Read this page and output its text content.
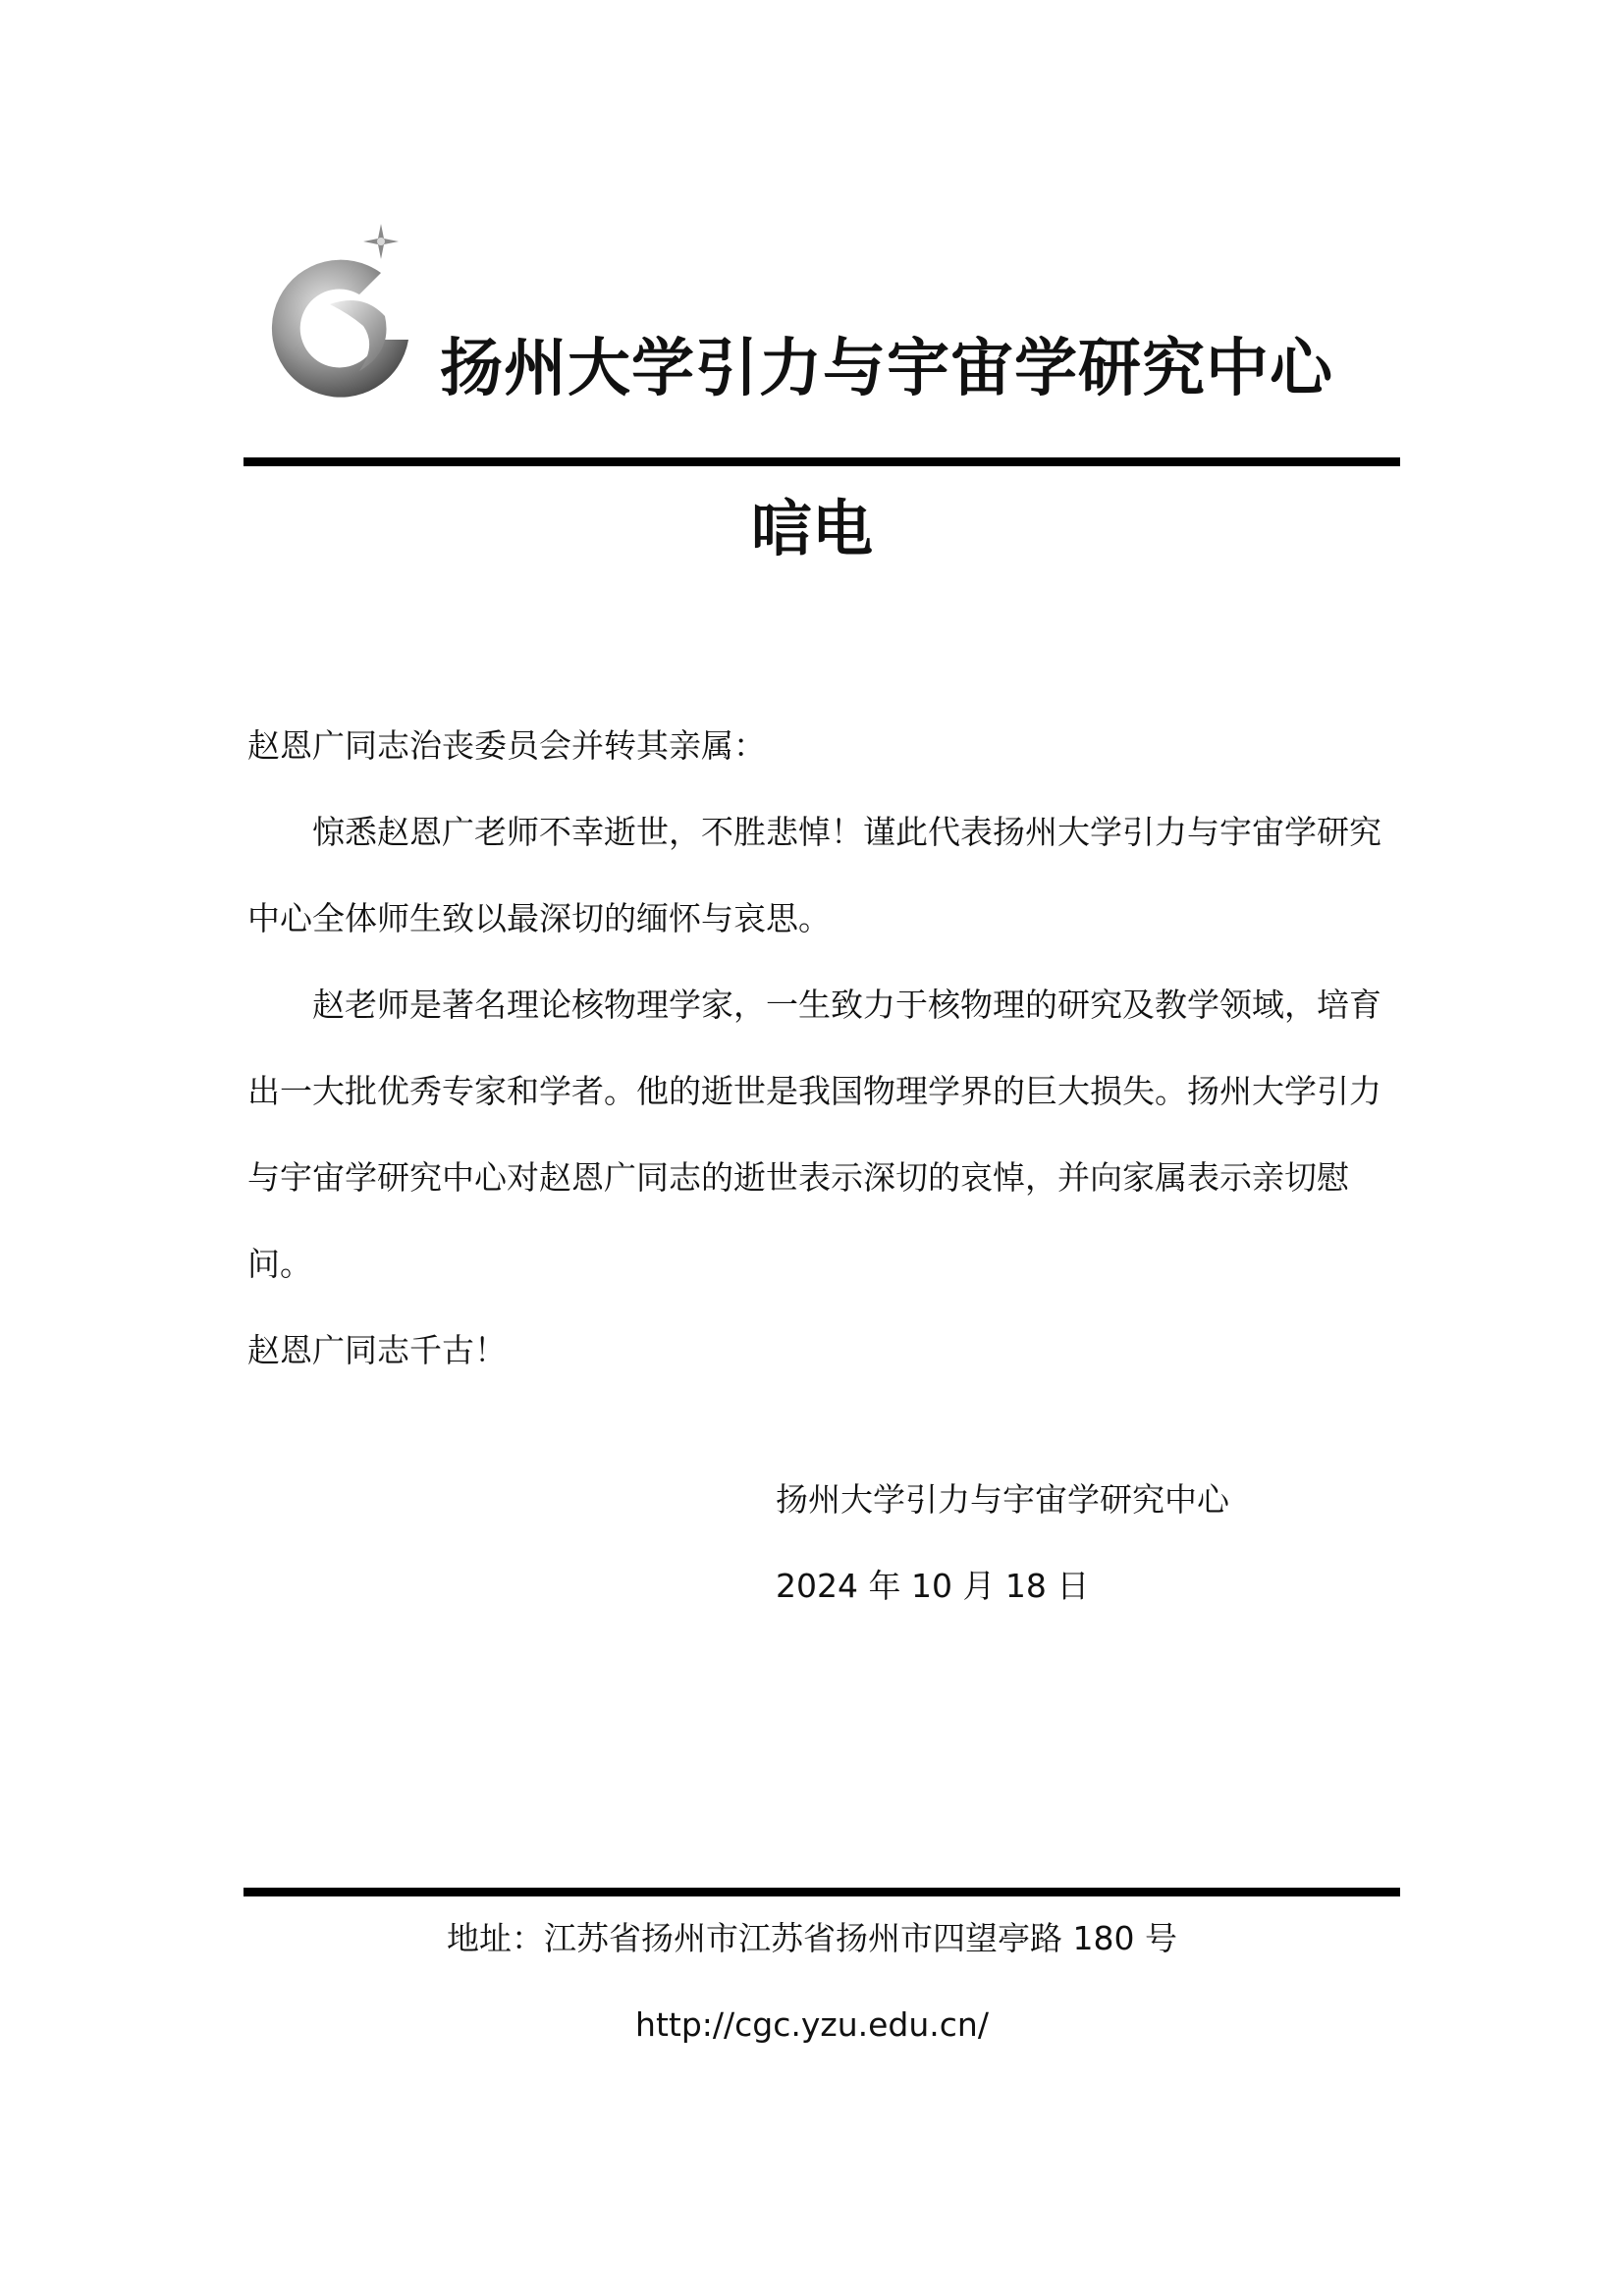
扬州大学引力与宇宙学研究中心
唁电

赵恩广同志治丧委员会并转其亲属：

惊悉赵恩广老师不幸逝世，不胜悲悼！谨此代表扬州大学引力与宇宙学研究中心全体师生致以最深切的缅怀与哀思。

赵老师是著名理论核物理学家，一生致力于核物理的研究及教学领域，培育出一大批优秀专家和学者。他的逝世是我国物理学界的巨大损失。扬州大学引力与宇宙学研究中心对赵恩广同志的逝世表示深切的哀悼，并向家属表示亲切慰问。

赵恩广同志千古！

扬州大学引力与宇宙学研究中心
2024 年 10 月 18 日
地址：江苏省扬州市江苏省扬州市四望亭路 180 号
http://cgc.yzu.edu.cn/
